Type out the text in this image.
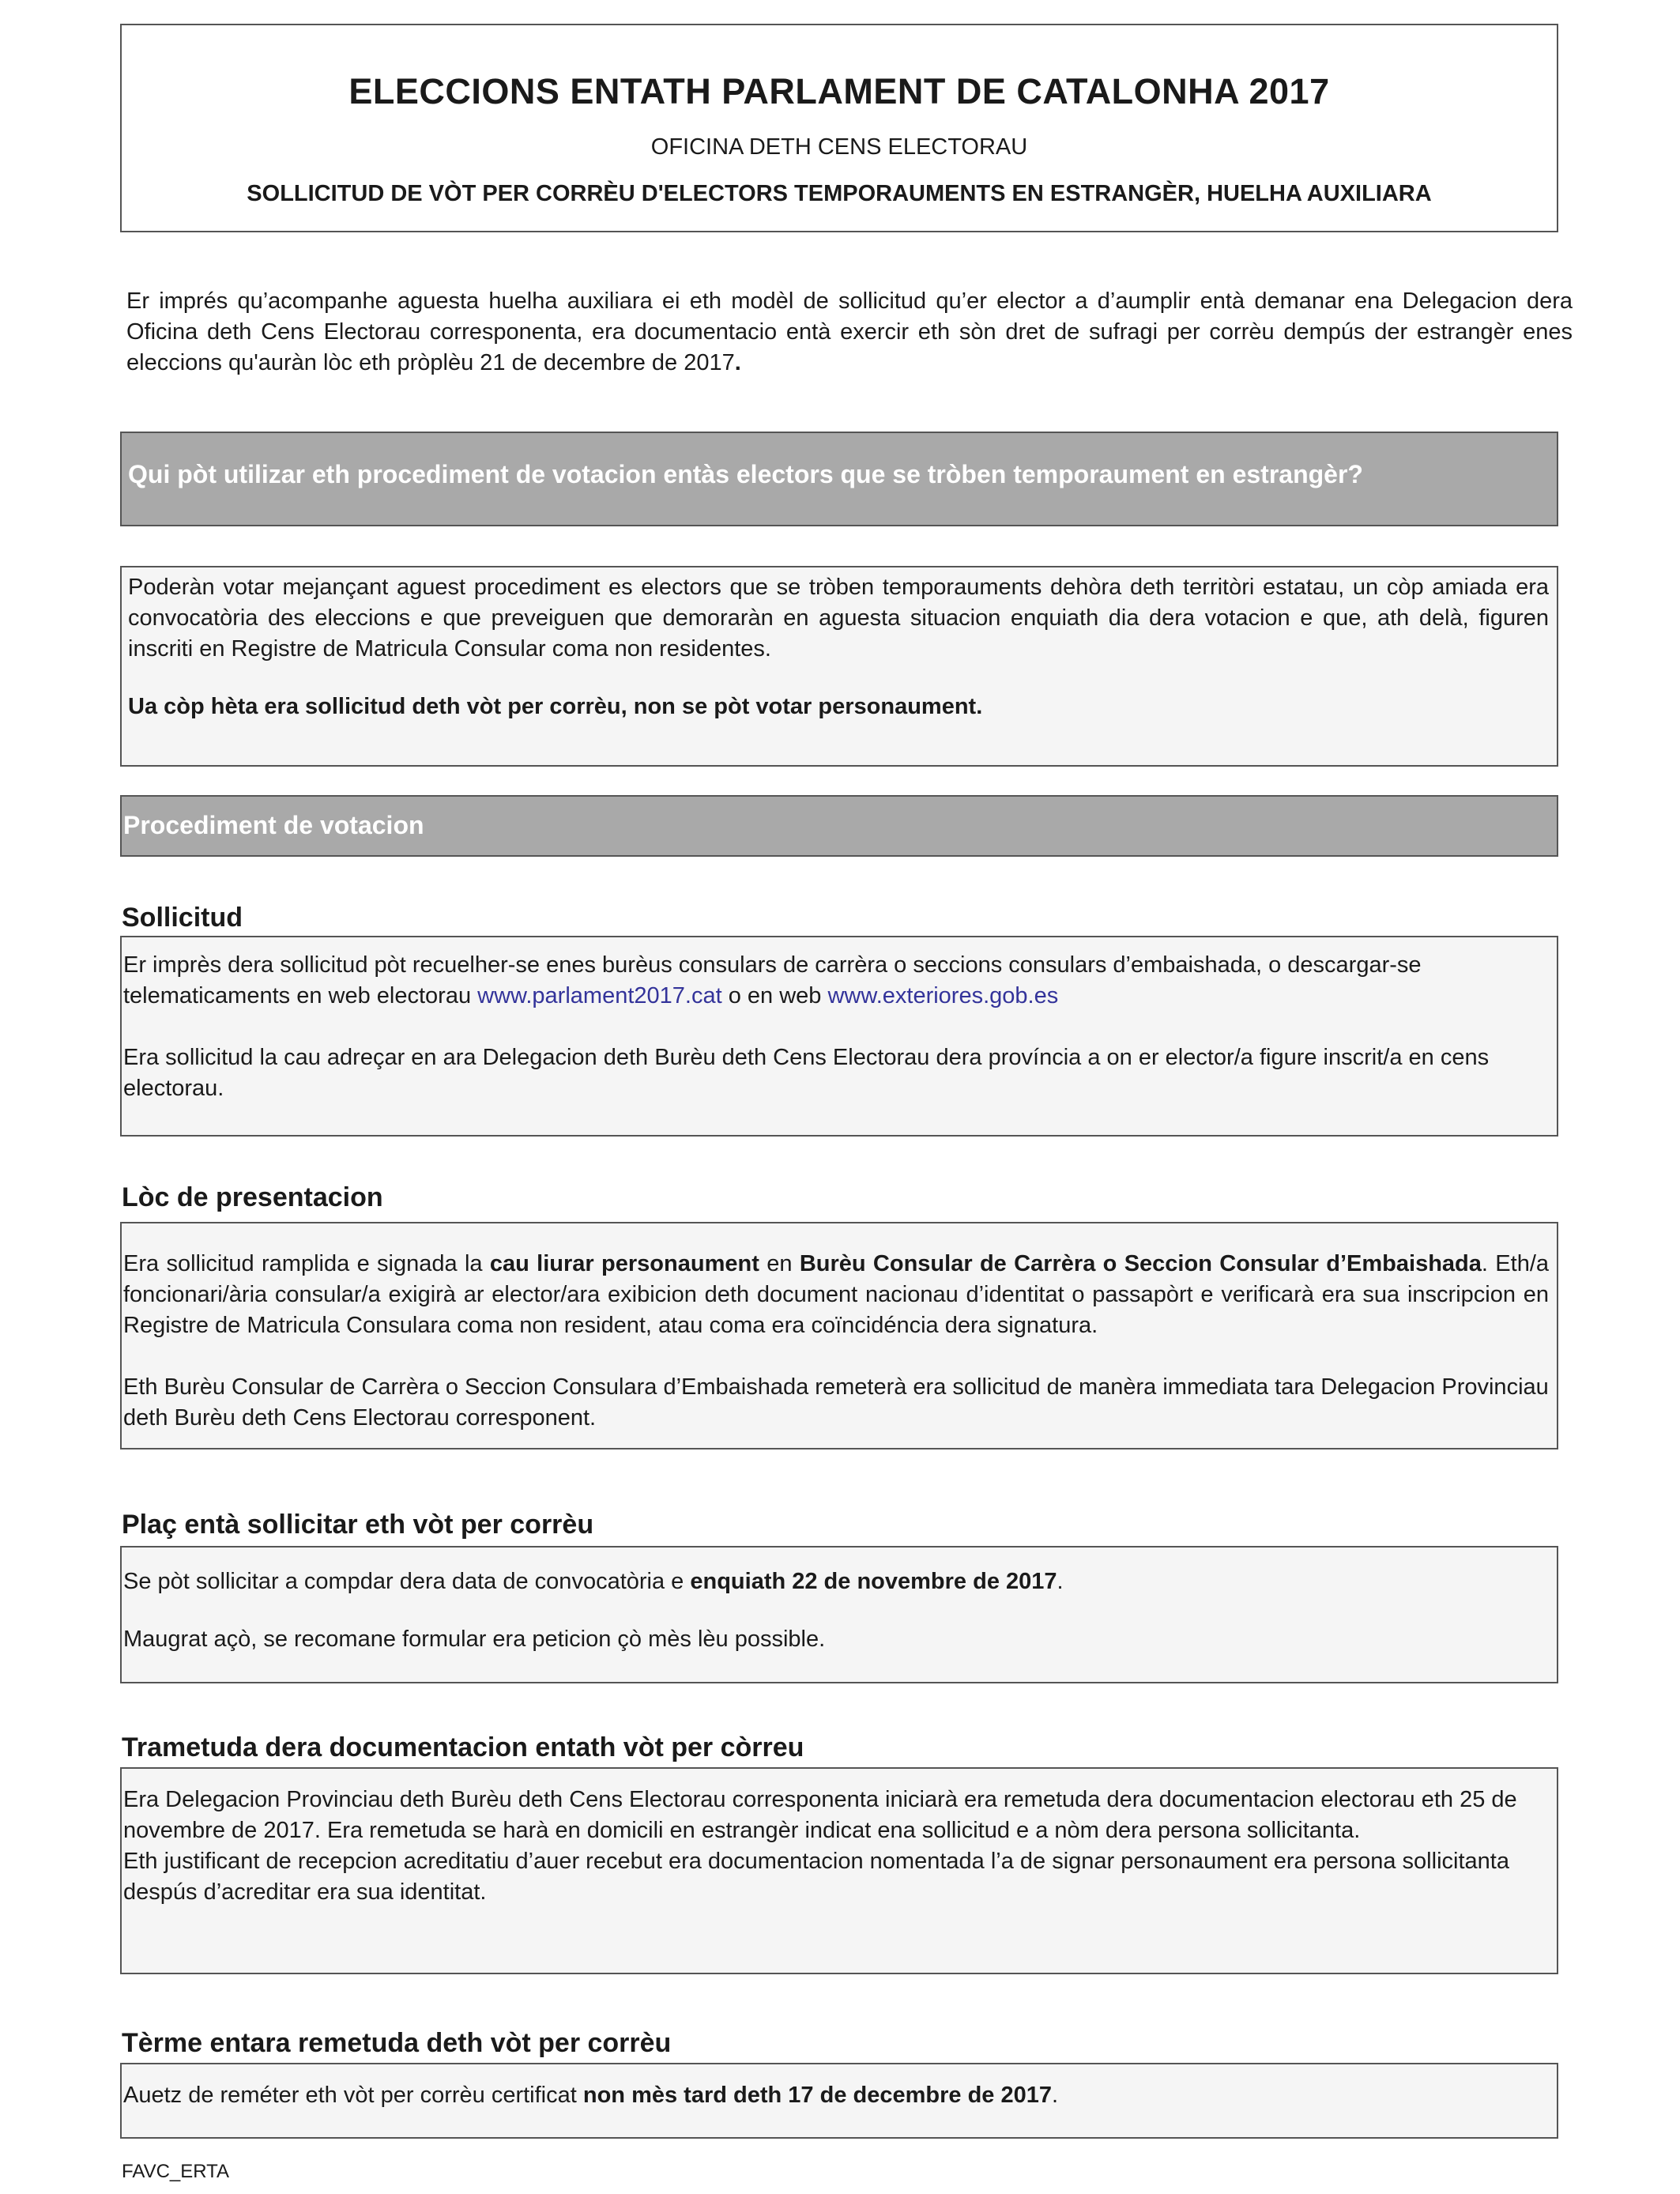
ELECCIONS ENTATH PARLAMENT DE CATALONHA 2017
OFICINA DETH CENS ELECTORAU
SOLLICITUD DE VÒT PER CORRÈU D'ELECTORS TEMPORAUMENTS EN ESTRANGÈR, HUELHA AUXILIARA
Er imprés qu’acompanhe aguesta huelha auxiliara ei eth modèl de sollicitud qu’er elector a d’aumplir entà demanar ena Delegacion dera Oficina deth Cens Electorau corresponenta, era documentacio entà exercir eth sòn dret de sufragi per corrèu dempús der estrangèr enes eleccions qu'auràn lòc eth pròplèu 21 de decembre de 2017.
Qui pòt utilizar eth procediment de votacion entàs electors que se tròben temporaument en estrangèr?

Poderàn votar mejançant aguest procediment es electors que se tròben temporauments dehòra deth territòri estatau, un còp amiada era convocatòria des eleccions e que preveiguen que demoraràn en aguesta situacion enquiath dia dera votacion e que, ath delà, figuren inscriti en Registre de Matricula Consular coma non residentes.

Ua còp hèta era sollicitud deth vòt per corrèu, non se pòt votar personaument.

Procediment de votacion
Sollicitud

Er imprès dera sollicitud pòt recuelher-se enes burèus consulars de carrèra o seccions consulars d’embaishada, o descargar-se telematicaments en web electorau www.parlament2017.cat o en web www.exteriores.gob.es

Era sollicitud la cau adreçar en ara Delegacion deth Burèu deth Cens Electorau dera província a on er elector/a figure inscrit/a en cens electorau.

Lòc de presentacion

Era sollicitud ramplida e signada la cau liurar personaument en Burèu Consular de Carrèra o Seccion Consular d’Embaishada. Eth/a foncionari/ària consular/a exigirà ar elector/ara exibicion deth document nacionau d’identitat o passapòrt e verificarà era sua inscripcion en Registre de Matricula Consulara coma non resident, atau coma era coïncidéncia dera signatura.

Eth Burèu Consular de Carrèra o Seccion Consulara d’Embaishada remeterà era sollicitud de manèra immediata tara Delegacion Provinciau deth Burèu deth Cens Electorau corresponent.

Plaç entà sollicitar eth vòt per corrèu

Se pòt sollicitar a compdar dera data de convocatòria e enquiath 22 de novembre de 2017.

Maugrat açò, se recomane formular era peticion çò mès lèu possible.

Trametuda dera documentacion entath vòt per còrreu

Era Delegacion Provinciau deth Burèu deth Cens Electorau corresponenta iniciarà era remetuda dera documentacion electorau eth 25 de novembre de 2017. Era remetuda se harà en domicili en estrangèr indicat ena sollicitud e a nòm dera persona sollicitanta.

Eth justificant de recepcion acreditatiu d’auer recebut era documentacion nomentada l’a de signar personaument era persona sollicitanta despús d’acreditar era sua identitat.

Tèrme entara remetuda deth vòt per corrèu

Auetz de reméter eth vòt per corrèu certificat non mès tard deth 17 de decembre de 2017.

FAVC_ERTA
